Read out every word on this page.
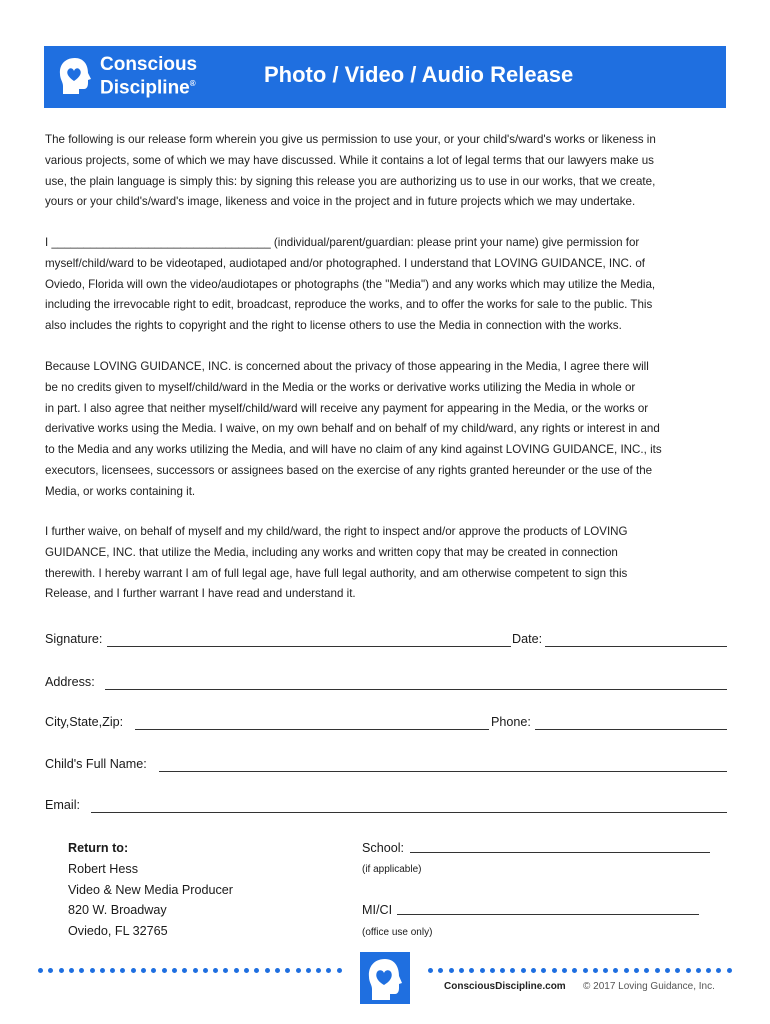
Conscious
Discipline®	Photo / Video / Audio Release
The following is our release form wherein you give us permission to use your, or your child's/ward's works or likeness in
various projects, some of which we may have discussed. While it contains a lot of legal terms that our lawyers make us
use, the plain language is simply this: by signing this release you are authorizing us to use in our works, that we create,
yours or your child's/ward's image, likeness and voice in the project and in future projects which we may undertake.
I __________________________________ (individual/parent/guardian: please print your name) give permission for
myself/child/ward to be videotaped, audiotaped and/or photographed. I understand that LOVING GUIDANCE, INC. of
Oviedo, Florida will own the video/audiotapes or photographs (the "Media") and any works which may utilize the Media,
including the irrevocable right to edit, broadcast, reproduce the works, and to offer the works for sale to the public. This
also includes the rights to copyright and the right to license others to use the Media in connection with the works.
Because LOVING GUIDANCE, INC. is concerned about the privacy of those appearing in the Media, I agree there will
be no credits given to myself/child/ward in the Media or the works or derivative works utilizing the Media in whole or
in part. I also agree that neither myself/child/ward will receive any payment for appearing in the Media, or the works or
derivative works using the Media. I waive, on my own behalf and on behalf of my child/ward, any rights or interest in and
to the Media and any works utilizing the Media, and will have no claim of any kind against LOVING GUIDANCE, INC., its
executors, licensees, successors or assignees based on the exercise of any rights granted hereunder or the use of the
Media, or works containing it.
I further waive, on behalf of myself and my child/ward, the right to inspect and/or approve the products of LOVING
GUIDANCE, INC. that utilize the Media, including any works and written copy that may be created in connection
therewith. I hereby warrant I am of full legal age, have full legal authority, and am otherwise competent to sign this
Release, and I further warrant I have read and understand it.
Signature:	Date:
Address:
City,State,Zip:	Phone:
Child's Full Name:
Email:
Return to:
Robert Hess
Video & New Media Producer
820 W. Broadway
Oviedo, FL 32765
School:
(if applicable)
MI/CI
(office use only)
ConsciousDiscipline.com © 2017 Loving Guidance, Inc.
